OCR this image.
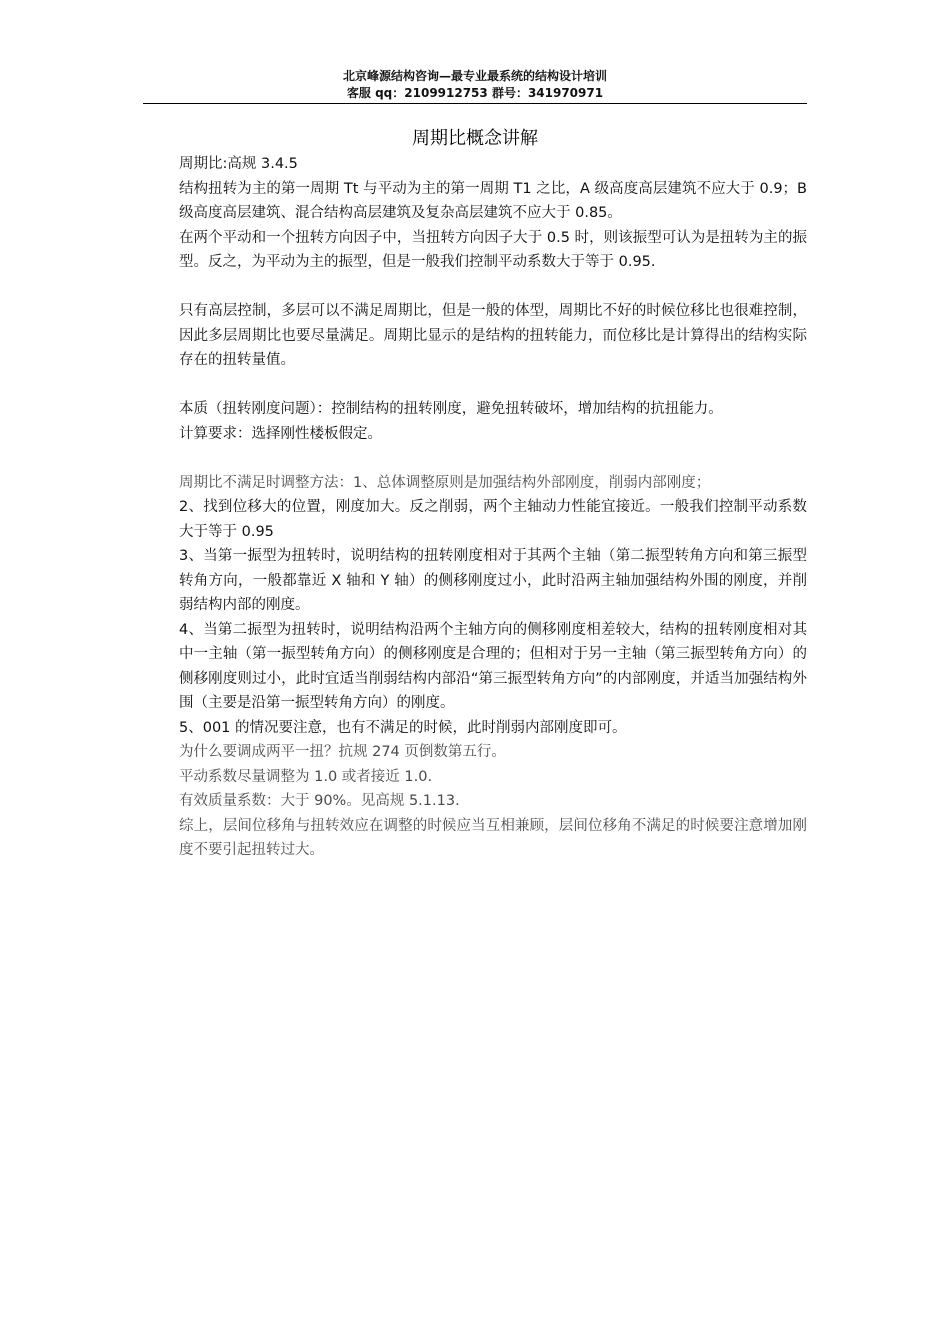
北京峰源结构咨询—最专业最系统的结构设计培训
客服 qq：2109912753 群号：341970971
周期比概念讲解

周期比:高规 3.4.5

结构扭转为主的第一周期 Tt 与平动为主的第一周期 T1 之比，A 级高度高层建筑不应大于 0.9；B 级高度高层建筑、混合结构高层建筑及复杂高层建筑不应大于 0.85。

在两个平动和一个扭转方向因子中，当扭转方向因子大于 0.5 时，则该振型可认为是扭转为主的振型。反之，为平动为主的振型，但是一般我们控制平动系数大于等于 0.95.

只有高层控制，多层可以不满足周期比，但是一般的体型，周期比不好的时候位移比也很难控制，因此多层周期比也要尽量满足。周期比显示的是结构的扭转能力，而位移比是计算得出的结构实际存在的扭转量值。

本质（扭转刚度问题）：控制结构的扭转刚度，避免扭转破坏，增加结构的抗扭能力。

计算要求：选择刚性楼板假定。

周期比不满足时调整方法：1、总体调整原则是加强结构外部刚度，削弱内部刚度；

2、找到位移大的位置，刚度加大。反之削弱，两个主轴动力性能宜接近。一般我们控制平动系数大于等于 0.95

3、当第一振型为扭转时，说明结构的扭转刚度相对于其两个主轴（第二振型转角方向和第三振型转角方向，一般都靠近 X 轴和 Y 轴）的侧移刚度过小，此时沿两主轴加强结构外围的刚度，并削弱结构内部的刚度。

4、当第二振型为扭转时，说明结构沿两个主轴方向的侧移刚度相差较大，结构的扭转刚度相对其中一主轴（第一振型转角方向）的侧移刚度是合理的；但相对于另一主轴（第三振型转角方向）的侧移刚度则过小，此时宜适当削弱结构内部沿“第三振型转角方向”的内部刚度，并适当加强结构外围（主要是沿第一振型转角方向）的刚度。

5、001 的情况要注意，也有不满足的时候，此时削弱内部刚度即可。

为什么要调成两平一扭？抗规 274 页倒数第五行。

平动系数尽量调整为 1.0 或者接近 1.0.

有效质量系数：大于 90%。见高规 5.1.13.

综上，层间位移角与扭转效应在调整的时候应当互相兼顾，层间位移角不满足的时候要注意增加刚度不要引起扭转过大。
